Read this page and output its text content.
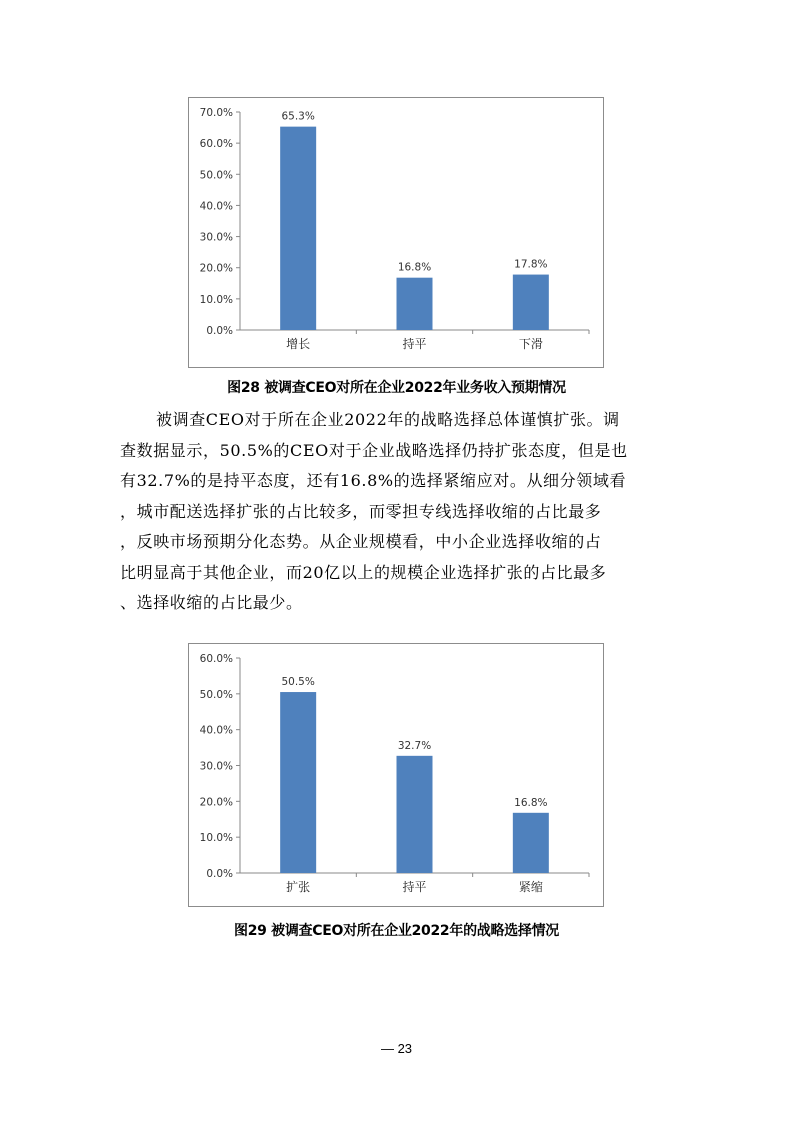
0.0%
10.0%
20.0%
30.0%
40.0%
50.0%
60.0%
70.0%	65.3%
增长
16.8%
持平
17.8%
下滑
图28 被调查CEO对所在企业2022年业务收入预期情况
被调查CEO对于所在企业2022年的战略选择总体谨慎扩张。调
查数据显示，50.5%的CEO对于企业战略选择仍持扩张态度，但是也
有32.7%的是持平态度，还有16.8%的选择紧缩应对。从细分领域看
，城市配送选择扩张的占比较多，而零担专线选择收缩的占比最多
，反映市场预期分化态势。从企业规模看，中小企业选择收缩的占
比明显高于其他企业，而20亿以上的规模企业选择扩张的占比最多
、选择收缩的占比最少。
0.0%
10.0%
20.0%
30.0%
40.0%
50.0%
60.0%
50.5%
扩张
32.7%
持平
16.8%
紧缩
图29 被调查CEO对所在企业2022年的战略选择情况
— 23
